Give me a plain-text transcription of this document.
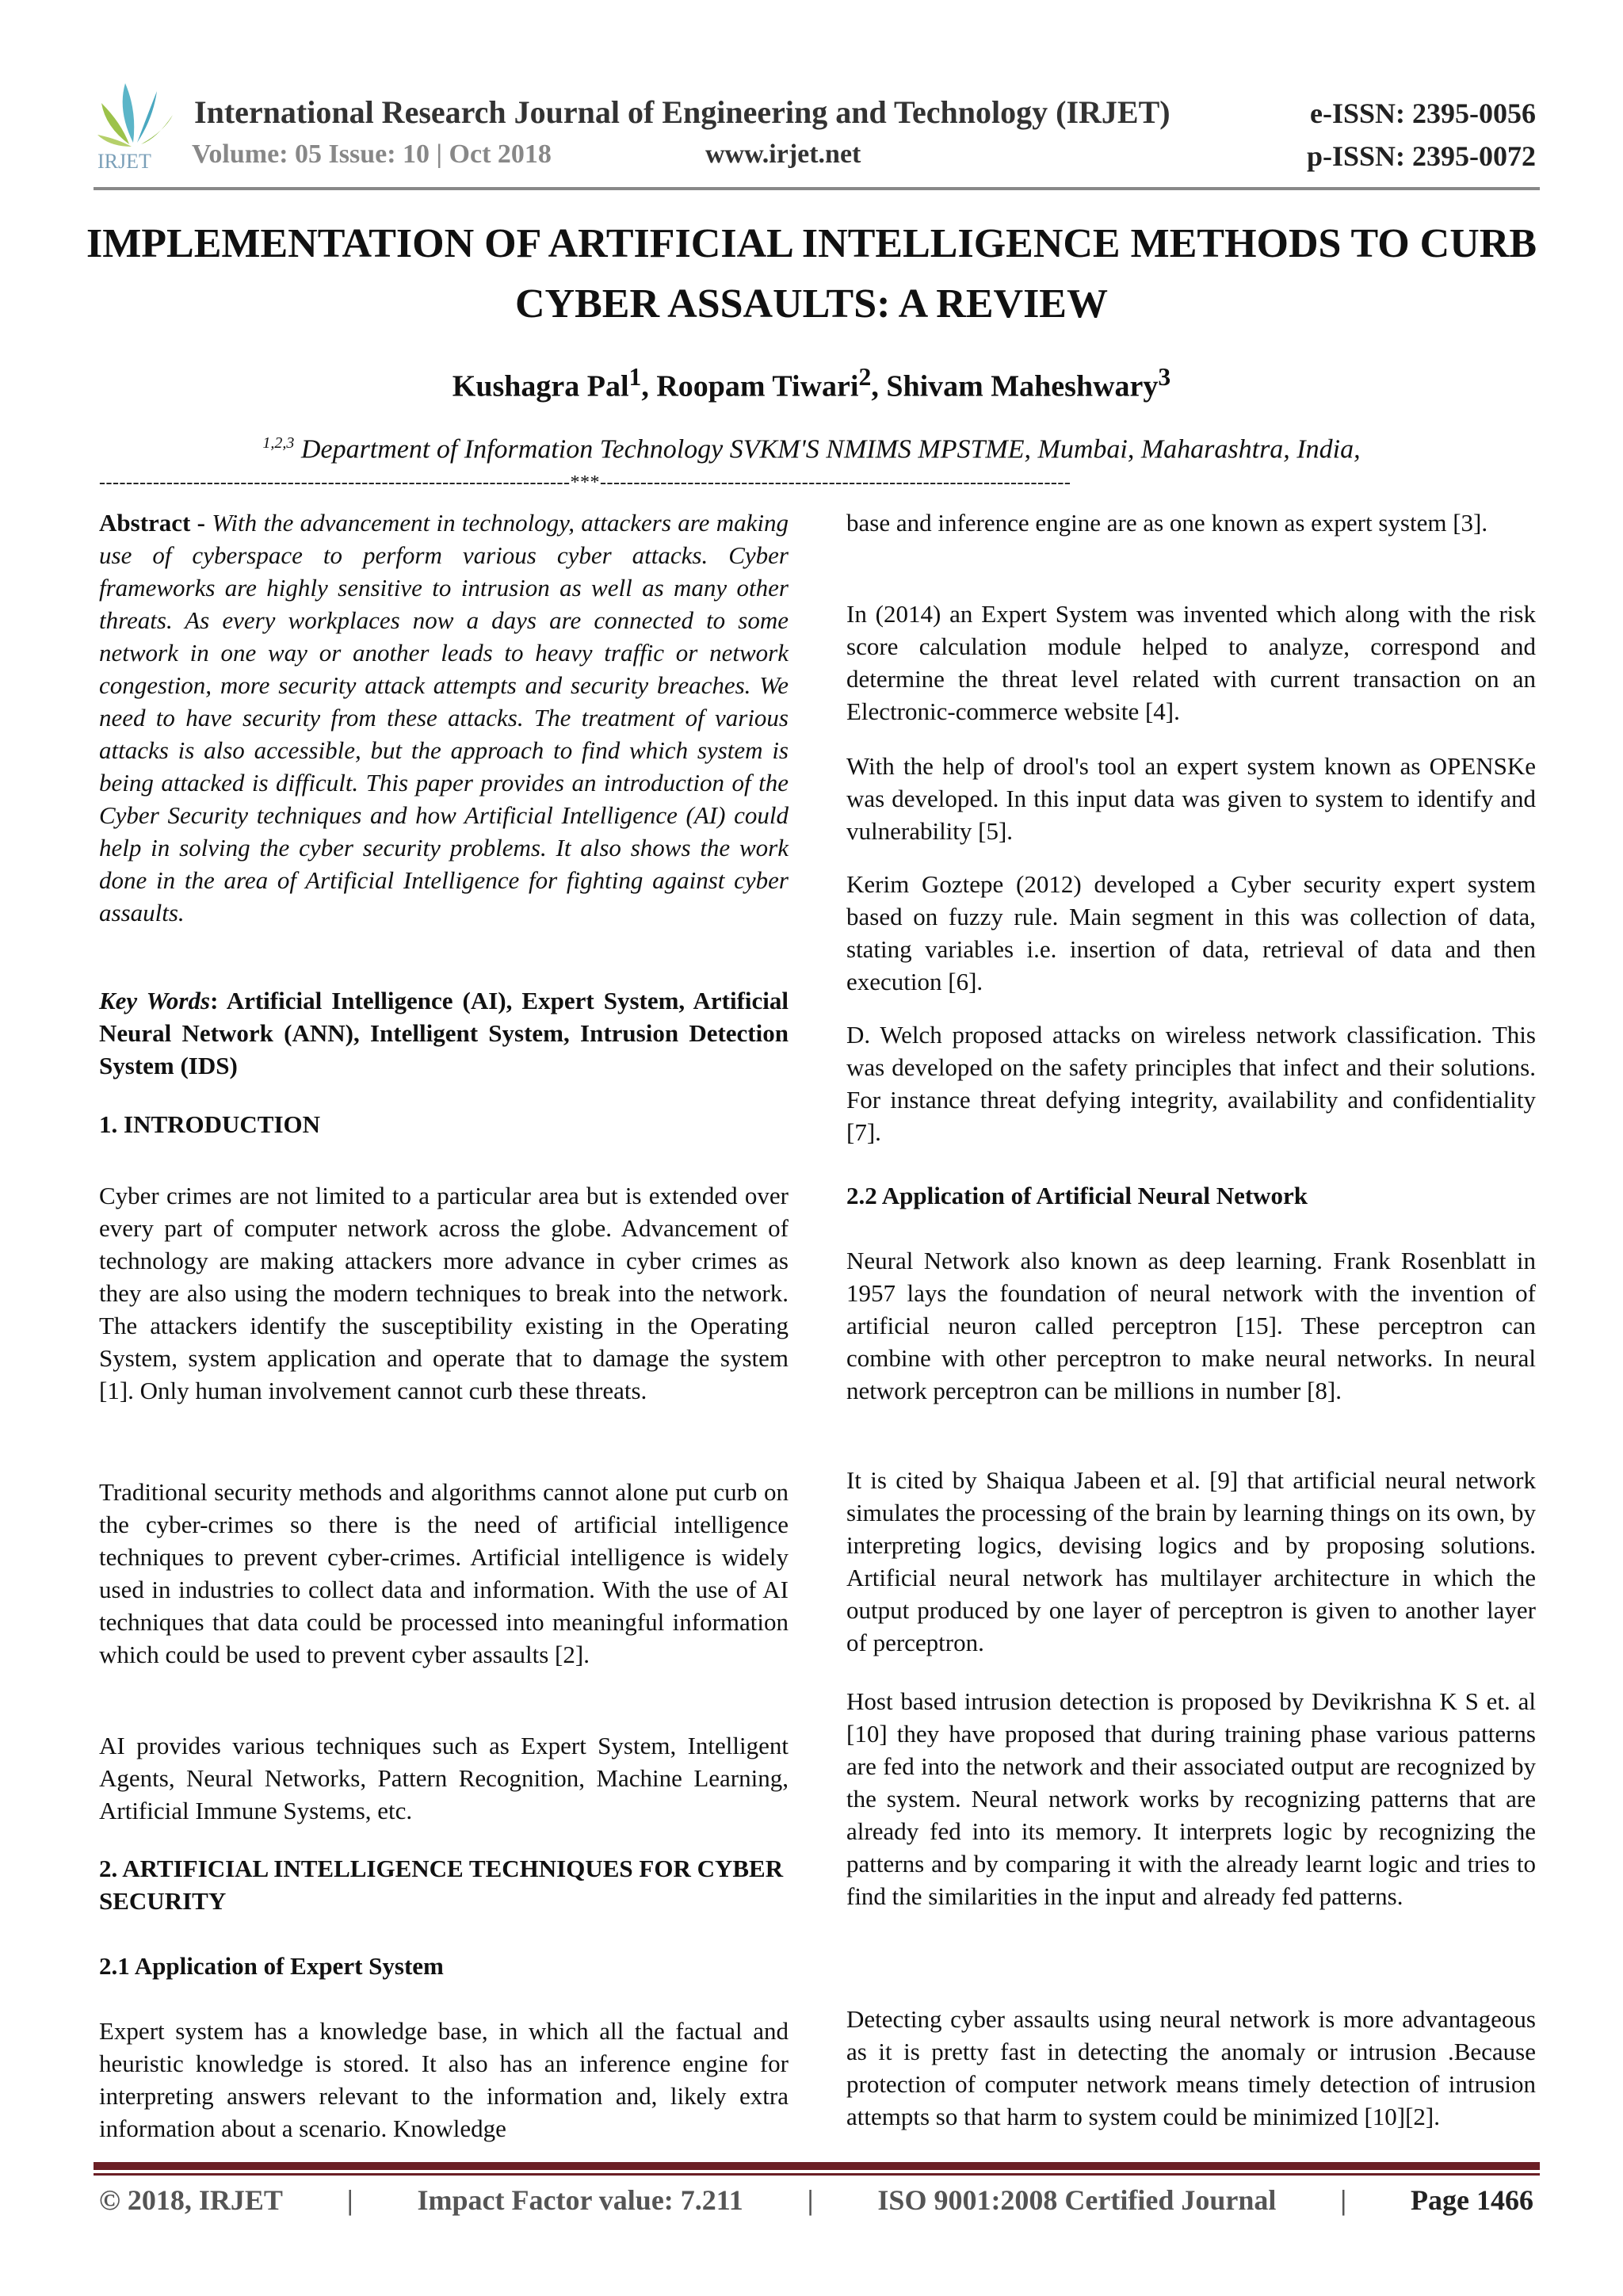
IRJET
International Research Journal of Engineering and Technology (IRJET)	e-ISSN: 2395-0056
Volume: 05 Issue: 10 | Oct 2018	www.irjet.net	p-ISSN: 2395-0072
IMPLEMENTATION OF ARTIFICIAL INTELLIGENCE METHODS TO CURB
CYBER ASSAULTS: A REVIEW
Kushagra Pal$^1$, Roopam Tiwari$^2$, Shivam Maheshwary$^3$
$^{1,2,3}$ Department of Information Technology SVKM'S NMIMS MPSTME, Mumbai, Maharashtra, India,
----------------------------------------------------------------------***----------------------------------------------------------------------

Abstract - With the advancement in technology, attackers are making use of cyberspace to perform various cyber attacks. Cyber frameworks are highly sensitive to intrusion as well as many other threats. As every workplaces now a days are connected to some network in one way or another leads to heavy traffic or network congestion, more security attack attempts and security breaches. We need to have security from these attacks. The treatment of various attacks is also accessible, but the approach to find which system is being attacked is difficult. This paper provides an introduction of the Cyber Security techniques and how Artificial Intelligence (AI) could help in solving the cyber security problems. It also shows the work done in the area of Artificial Intelligence for fighting against cyber assaults.

Key Words: Artificial Intelligence (AI), Expert System, Artificial Neural Network (ANN), Intelligent System, Intrusion Detection System (IDS)
1. INTRODUCTION
Cyber crimes are not limited to a particular area but is extended over every part of computer network across the globe. Advancement of technology are making attackers more advance in cyber crimes as they are also using the modern techniques to break into the network. The attackers identify the susceptibility existing in the Operating System, system application and operate that to damage the system [1]. Only human involvement cannot curb these threats.
Traditional security methods and algorithms cannot alone put curb on the cyber-crimes so there is the need of artificial intelligence techniques to prevent cyber-crimes. Artificial intelligence is widely used in industries to collect data and information. With the use of AI techniques that data could be processed into meaningful information which could be used to prevent cyber assaults [2].
AI provides various techniques such as Expert System, Intelligent Agents, Neural Networks, Pattern Recognition, Machine Learning, Artificial Immune Systems, etc.
2. ARTIFICIAL INTELLIGENCE TECHNIQUES FOR CYBER SECURITY
2.1 Application of Expert System
Expert system has a knowledge base, in which all the factual and heuristic knowledge is stored. It also has an inference engine for interpreting answers relevant to the information and, likely extra information about a scenario. Knowledge
base and inference engine are as one known as expert system [3].
In (2014) an Expert System was invented which along with the risk score calculation module helped to analyze, correspond and determine the threat level related with current transaction on an Electronic-commerce website [4].
With the help of drool's tool an expert system known as OPENSKe was developed. In this input data was given to system to identify and vulnerability [5].
Kerim Goztepe (2012) developed a Cyber security expert system based on fuzzy rule. Main segment in this was collection of data, stating variables i.e. insertion of data, retrieval of data and then execution [6].
D. Welch proposed attacks on wireless network classification. This was developed on the safety principles that infect and their solutions. For instance threat defying integrity, availability and confidentiality [7].
2.2 Application of Artificial Neural Network
Neural Network also known as deep learning. Frank Rosenblatt in 1957 lays the foundation of neural network with the invention of artificial neuron called perceptron [15]. These perceptron can combine with other perceptron to make neural networks. In neural network perceptron can be millions in number [8].
It is cited by Shaiqua Jabeen et al. [9] that artificial neural network simulates the processing of the brain by learning things on its own, by interpreting logics, devising logics and by proposing solutions. Artificial neural network has multilayer architecture in which the output produced by one layer of perceptron is given to another layer of perceptron.
Host based intrusion detection is proposed by Devikrishna K S et. al [10] they have proposed that during training phase various patterns are fed into the network and their associated output are recognized by the system. Neural network works by recognizing patterns that are already fed into its memory. It interprets logic by recognizing the patterns and by comparing it with the already learnt logic and tries to find the similarities in the input and already fed patterns.
Detecting cyber assaults using neural network is more advantageous as it is pretty fast in detecting the anomaly or intrusion .Because protection of computer network means timely detection of intrusion attempts so that harm to system could be minimized [10][2].
© 2018, IRJET | Impact Factor value: 7.211 | ISO 9001:2008 Certified Journal | Page 1466
